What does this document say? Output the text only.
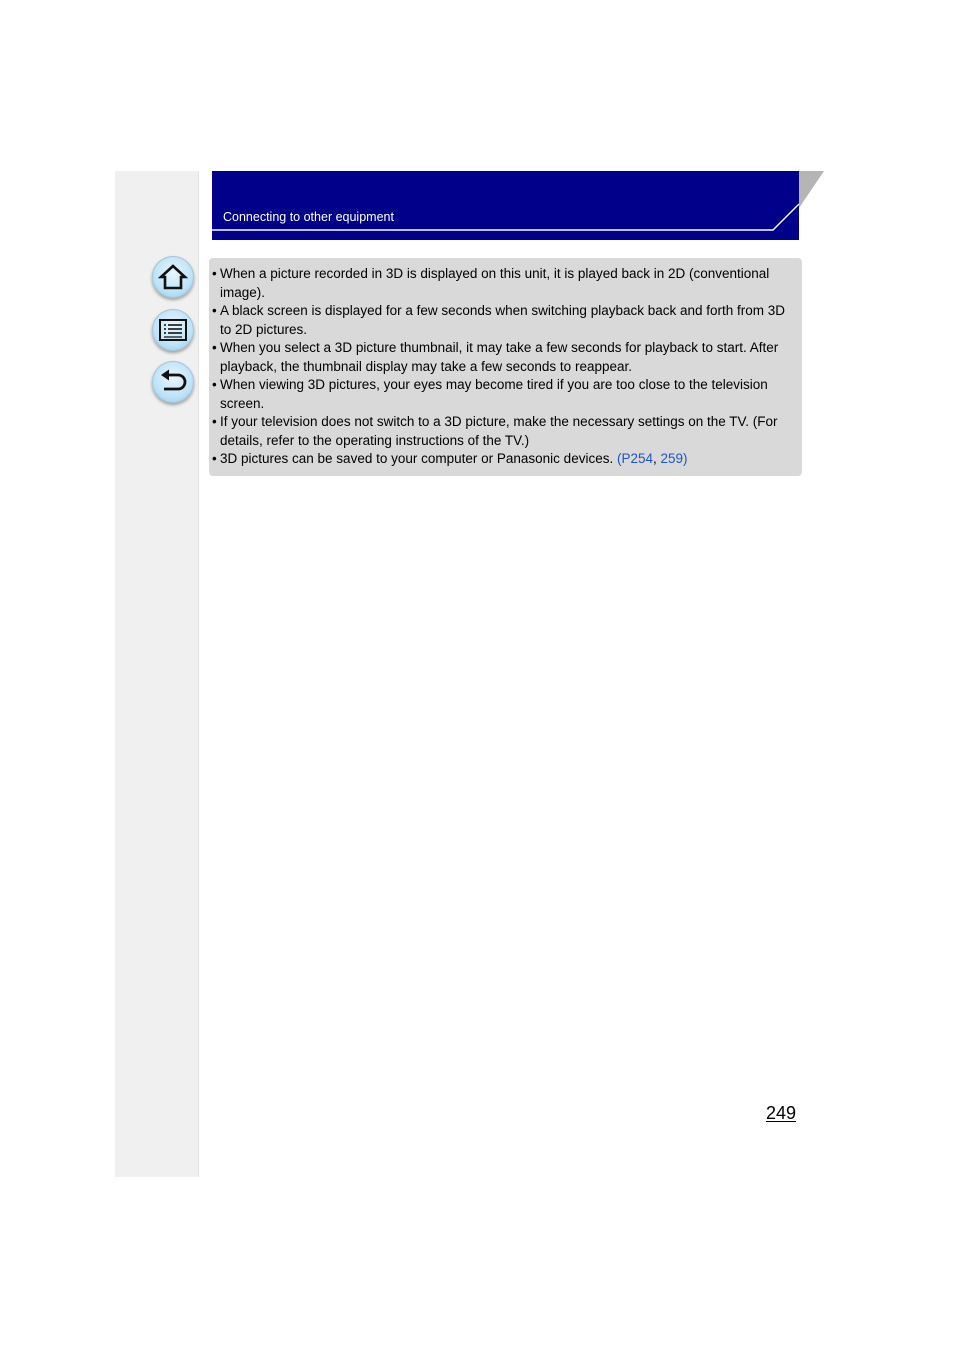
Connecting to other equipment
• When a picture recorded in 3D is displayed on this unit, it is played back in 2D (conventional image).
• A black screen is displayed for a few seconds when switching playback back and forth from 3D to 2D pictures.
• When you select a 3D picture thumbnail, it may take a few seconds for playback to start. After playback, the thumbnail display may take a few seconds to reappear.
• When viewing 3D pictures, your eyes may become tired if you are too close to the television screen.
• If your television does not switch to a 3D picture, make the necessary settings on the TV. (For details, refer to the operating instructions of the TV.)
• 3D pictures can be saved to your computer or Panasonic devices. (P254, 259)
249
